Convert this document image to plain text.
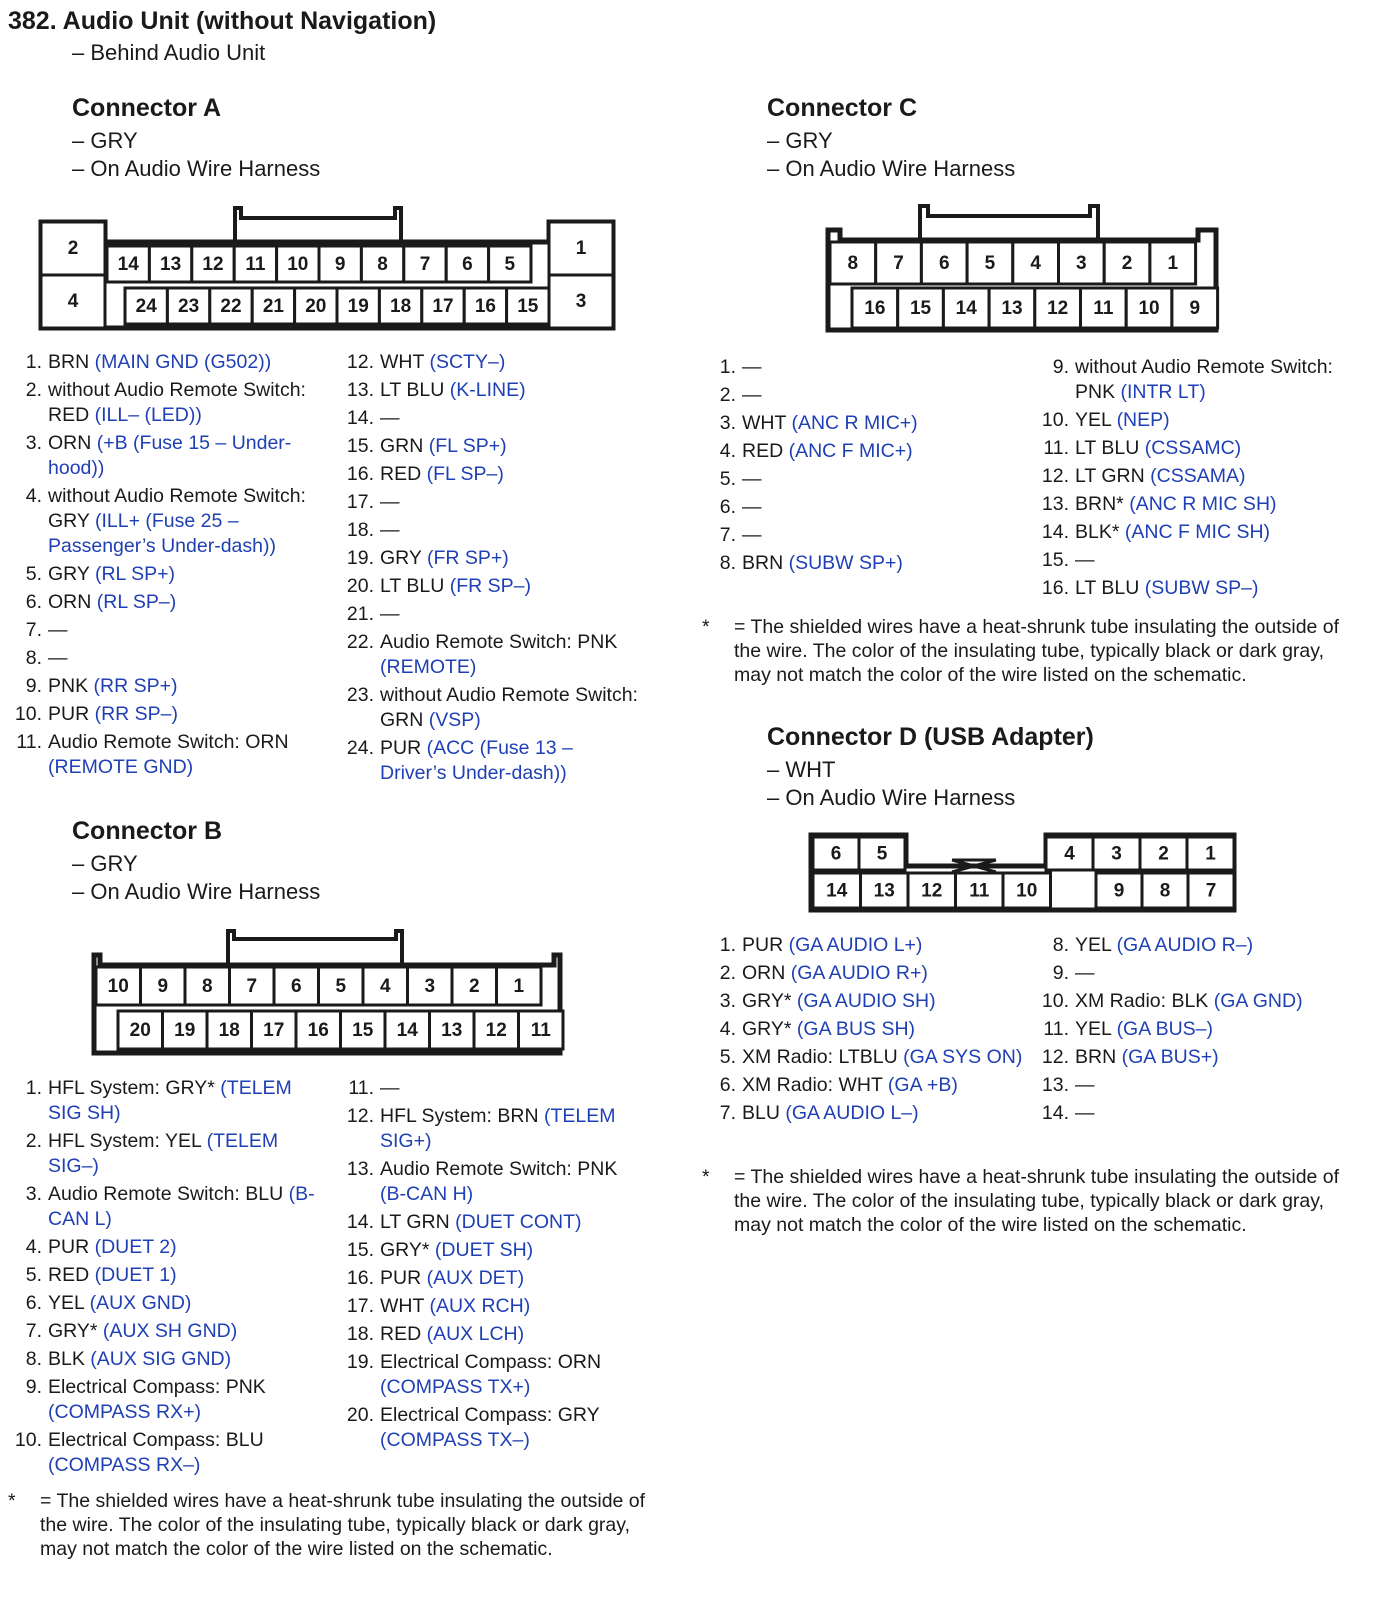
382. Audio Unit (without Navigation)
– Behind Audio Unit
Connector A
– GRY
– On Audio Wire Harness
2
4
1
3
14 13 12 11 10 9 8 7 6 5
24 23 22 21 20 19 18 17 16 15
1. BRN (MAIN GND (G502))
2. without Audio Remote Switch: RED (ILL– (LED))
3. ORN (+B (Fuse 15 – Under-hood))
4. without Audio Remote Switch: GRY (ILL+ (Fuse 25 – Passenger’s Under-dash))
5. GRY (RL SP+)
6. ORN (RL SP–)
7. —
8. —
9. PNK (RR SP+)
10. PUR (RR SP–)
11. Audio Remote Switch: ORN (REMOTE GND)
12. WHT (SCTY–)
13. LT BLU (K-LINE)
14. —
15. GRN (FL SP+)
16. RED (FL SP–)
17. —
18. —
19. GRY (FR SP+)
20. LT BLU (FR SP–)
21. —
22. Audio Remote Switch: PNK (REMOTE)
23. without Audio Remote Switch: GRN (VSP)
24. PUR (ACC (Fuse 13 – Driver’s Under-dash))
Connector B
– GRY
– On Audio Wire Harness
10 9 8 7 6 5 4 3 2 1
20 19 18 17 16 15 14 13 12 11
1. HFL System: GRY* (TELEM SIG SH)
2. HFL System: YEL (TELEM SIG–)
3. Audio Remote Switch: BLU (B-CAN L)
4. PUR (DUET 2)
5. RED (DUET 1)
6. YEL (AUX GND)
7. GRY* (AUX SH GND)
8. BLK (AUX SIG GND)
9. Electrical Compass: PNK (COMPASS RX+)
10. Electrical Compass: BLU (COMPASS RX–)
11. —
12. HFL System: BRN (TELEM SIG+)
13. Audio Remote Switch: PNK (B-CAN H)
14. LT GRN (DUET CONT)
15. GRY* (DUET SH)
16. PUR (AUX DET)
17. WHT (AUX RCH)
18. RED (AUX LCH)
19. Electrical Compass: ORN (COMPASS TX+)
20. Electrical Compass: GRY (COMPASS TX–)
* = The shielded wires have a heat-shrunk tube insulating the outside of the wire. The color of the insulating tube, typically black or dark gray, may not match the color of the wire listed on the schematic.
Connector C
– GRY
– On Audio Wire Harness
8 7 6 5 4 3 2 1
16 15 14 13 12 11 10 9
1. —
2. —
3. WHT (ANC R MIC+)
4. RED (ANC F MIC+)
5. —
6. —
7. —
8. BRN (SUBW SP+)
9. without Audio Remote Switch: PNK (INTR LT)
10. YEL (NEP)
11. LT BLU (CSSAMC)
12. LT GRN (CSSAMA)
13. BRN* (ANC R MIC SH)
14. BLK* (ANC F MIC SH)
15. —
16. LT BLU (SUBW SP–)
* = The shielded wires have a heat-shrunk tube insulating the outside of the wire. The color of the insulating tube, typically black or dark gray, may not match the color of the wire listed on the schematic.
Connector D (USB Adapter)
– WHT
– On Audio Wire Harness
6 5	4 3 2 1
14 13 12 11 10	9 8 7
1. PUR (GA AUDIO L+)
2. ORN (GA AUDIO R+)
3. GRY* (GA AUDIO SH)
4. GRY* (GA BUS SH)
5. XM Radio: LTBLU (GA SYS ON)
6. XM Radio: WHT (GA +B)
7. BLU (GA AUDIO L–)
8. YEL (GA AUDIO R–)
9. —
10. XM Radio: BLK (GA GND)
11. YEL (GA BUS–)
12. BRN (GA BUS+)
13. —
14. —
* = The shielded wires have a heat-shrunk tube insulating the outside of the wire. The color of the insulating tube, typically black or dark gray, may not match the color of the wire listed on the schematic.
